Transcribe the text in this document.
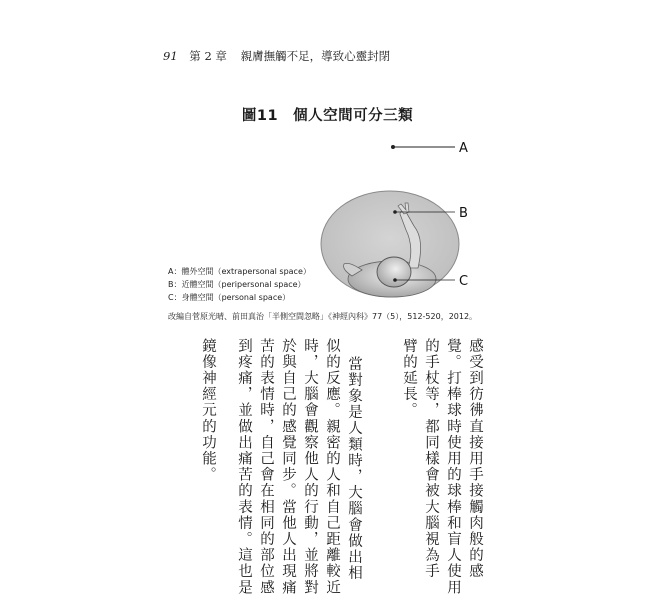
91 第 2 章 親膚撫觸不足，導致心靈封閉
圖11　個人空間可分三類
A
B
C
A：體外空間（extrapersonal space）
B：近體空間（peripersonal space）
C：身體空間（personal space）
改編自菅原光晴、前田真治「半側空間忽略」《神經內科》77（5），512-520，2012。
感受到彷彿直接用手接觸肉般的感
覺。打棒球時使用的球棒和盲人使用
的手杖等，都同樣會被大腦視為手
臂的延長。
當對象是人類時，大腦會做出相
似的反應。親密的人和自己距離較近
時，大腦會觀察他人的行動，並將對
於與自己的感覺同步。當他人出現痛
苦的表情時，自己會在相同的部位感
到疼痛，並做出痛苦的表情。這也是
鏡像神經元的功能。
